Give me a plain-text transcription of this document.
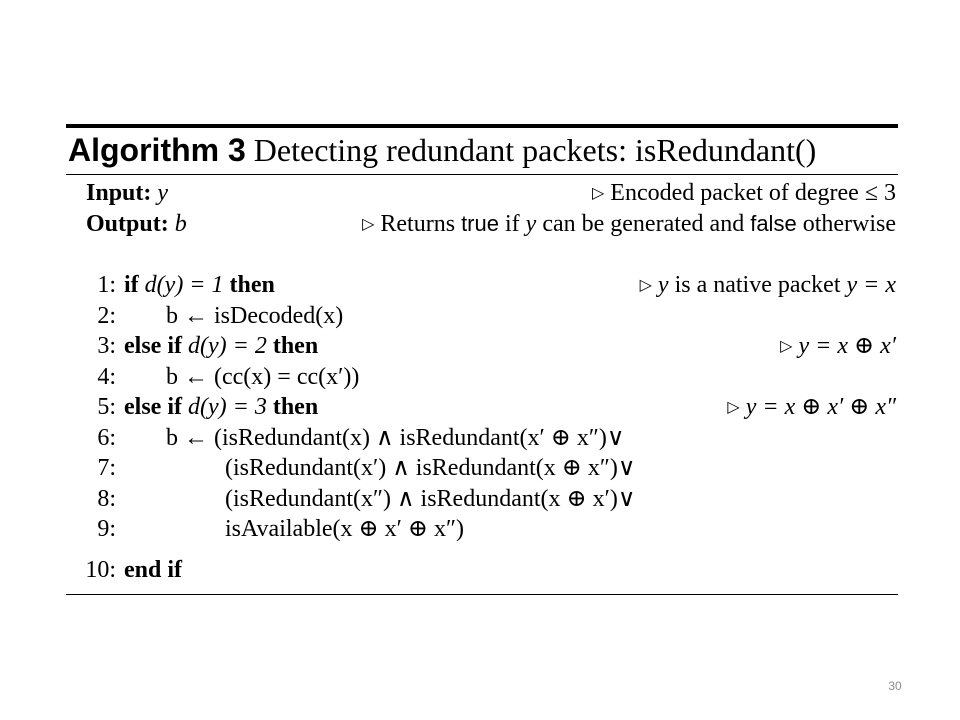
Algorithm 3 Detecting redundant packets: isRedundant()
Input: y	▷ Encoded packet of degree ≤ 3
Output: b	▷ Returns true if y can be generated and false otherwise
1: if d(y) = 1 then	▷ y is a native packet y = x
2: b ← isDecoded(x)
3: else if d(y) = 2 then	▷ y = x ⊕ x′
4: b ← (cc(x) = cc(x′))
5: else if d(y) = 3 then	▷ y = x ⊕ x′ ⊕ x″
6: b ← (isRedundant(x) ∧ isRedundant(x′ ⊕ x″)∨
7:	(isRedundant(x′) ∧ isRedundant(x ⊕ x″)∨
8:	(isRedundant(x″) ∧ isRedundant(x ⊕ x′)∨
9:	isAvailable(x ⊕ x′ ⊕ x″)
10: end if
30
